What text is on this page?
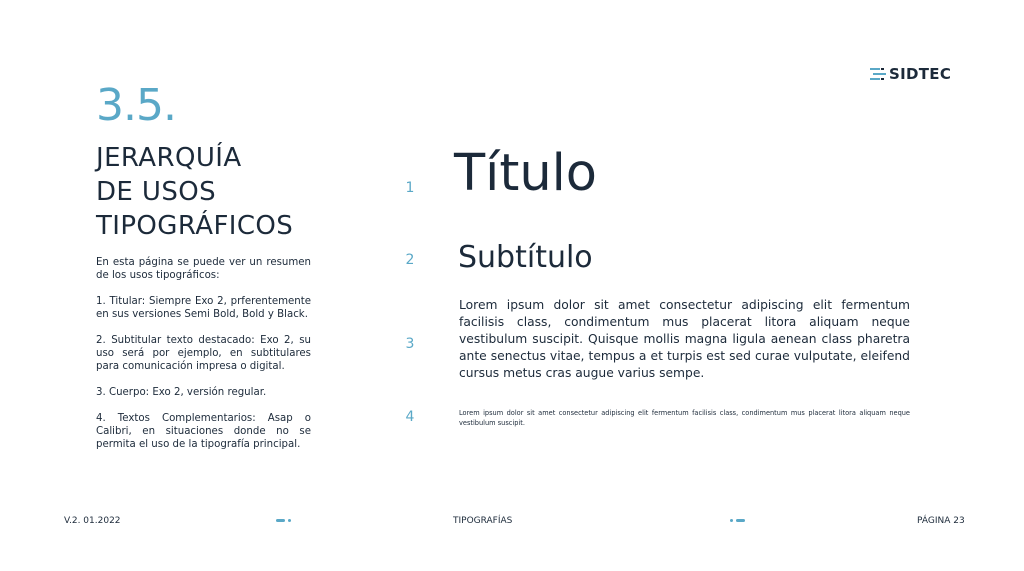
SIDTEC
3.5.
JERARQUÍA
DE USOS
TIPOGRÁFICOS

En esta página se puede ver un resumen de los usos tipográficos:

1. Titular: Siempre Exo 2, prferentemente en sus versiones Semi Bold, Bold y Black.

2. Subtitular texto destacado: Exo 2, su uso será por ejemplo, en subtitulares para comunicación impresa o digital.

3. Cuerpo: Exo 2, versión regular.

4. Textos Complementarios: Asap o Calibri, en situaciones donde no se permita el uso de la tipografía principal.

1
2
3
4
Título
Subtítulo
Lorem ipsum dolor sit amet consectetur adipiscing elit fermentum facilisis class, condimentum mus placerat litora aliquam neque vestibulum suscipit. Quisque mollis magna ligula aenean class pharetra ante senectus vitae, tempus a et turpis est sed curae vulputate, eleifend cursus metus cras augue varius sempe.
Lorem ipsum dolor sit amet consectetur adipiscing elit fermentum facilisis class, condimentum mus placerat litora aliquam neque vestibulum suscipit.
V.2. 01.2022	TIPOGRAFÍAS	PÁGINA 23
